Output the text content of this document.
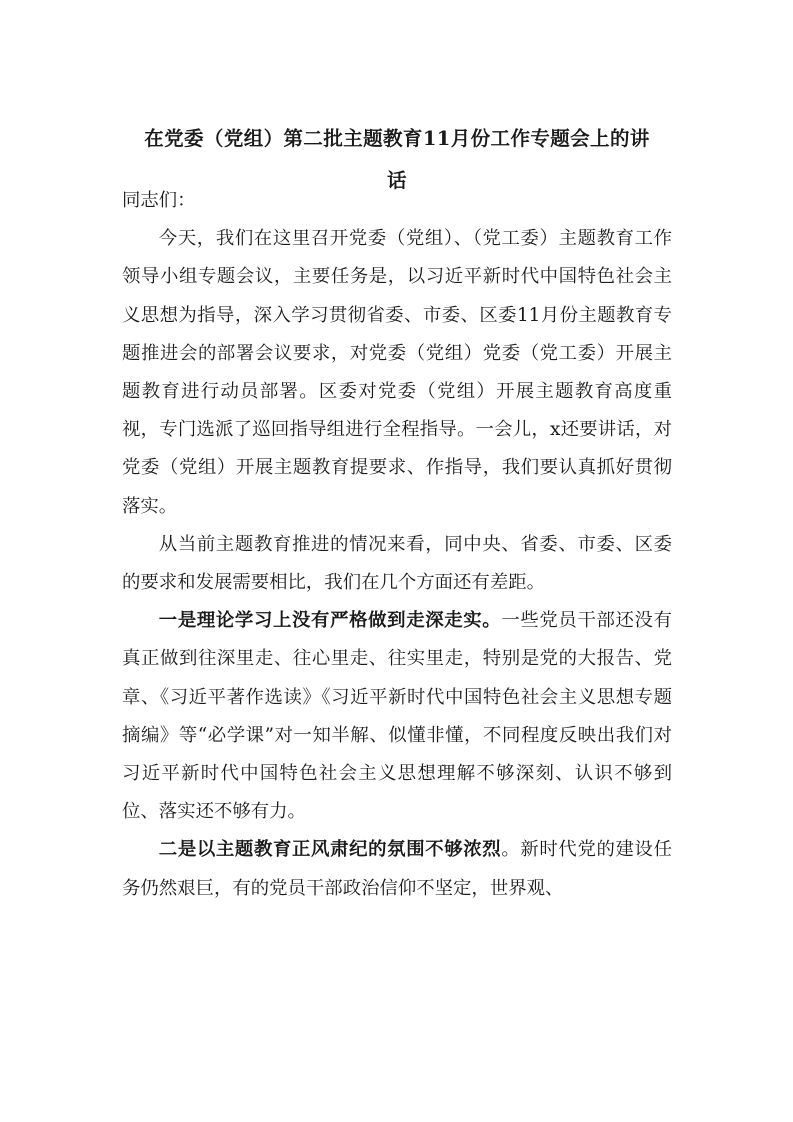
在党委（党组）第二批主题教育11月份工作专题会上的讲
话

同志们：

今天，我们在这里召开党委（党组）、（党工委）主题教育工作领导小组专题会议，主要任务是，以习近平新时代中国特色社会主义思想为指导，深入学习贯彻省委、市委、区委11月份主题教育专题推进会的部署会议要求，对党委（党组）党委（党工委）开展主题教育进行动员部署。区委对党委（党组）开展主题教育高度重视，专门选派了巡回指导组进行全程指导。一会儿，x还要讲话，对党委（党组）开展主题教育提要求、作指导，我们要认真抓好贯彻落实。

从当前主题教育推进的情况来看，同中央、省委、市委、区委的要求和发展需要相比，我们在几个方面还有差距。

一是理论学习上没有严格做到走深走实。一些党员干部还没有真正做到往深里走、往心里走、往实里走，特别是党的大报告、党章、《习近平著作选读》《习近平新时代中国特色社会主义思想专题摘编》等“必学课”对一知半解、似懂非懂，不同程度反映出我们对习近平新时代中国特色社会主义思想理解不够深刻、认识不够到位、落实还不够有力。

二是以主题教育正风肃纪的氛围不够浓烈。新时代党的建设任务仍然艰巨，有的党员干部政治信仰不坚定，世界观、
